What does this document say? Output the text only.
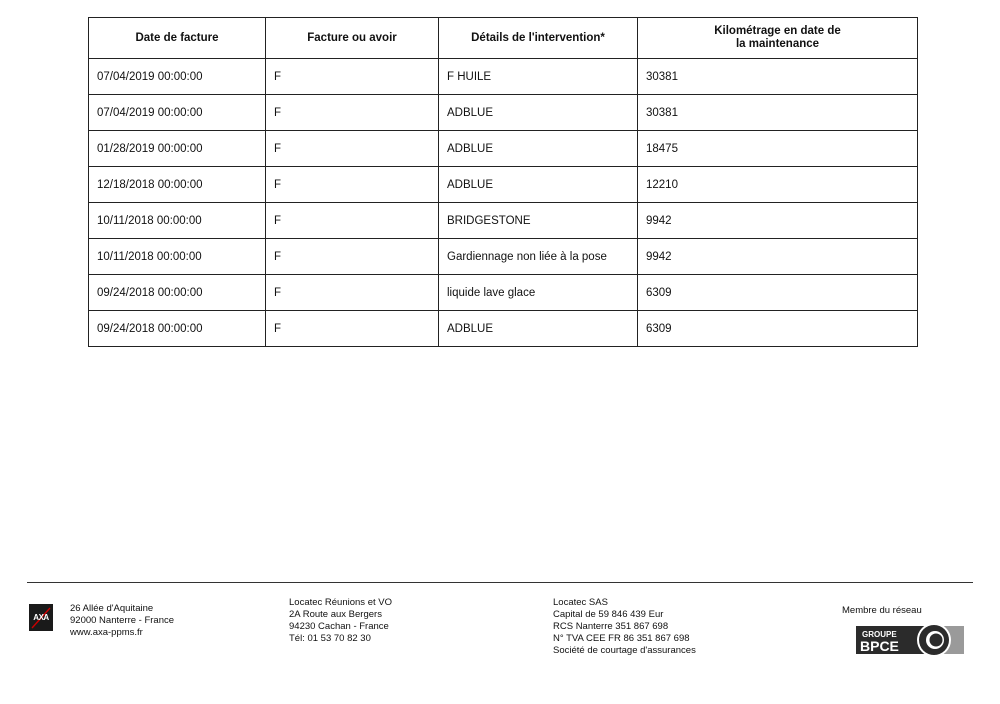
Date de facture	Facture ou avoir	Détails de l'intervention*	Kilométrage en date de la maintenance
07/04/2019 00:00:00	F	F HUILE	30381
07/04/2019 00:00:00	F	ADBLUE	30381
01/28/2019 00:00:00	F	ADBLUE	18475
12/18/2018 00:00:00	F	ADBLUE	12210
10/11/2018 00:00:00	F	BRIDGESTONE	9942
10/11/2018 00:00:00	F	Gardiennage non liée à la pose	9942
09/24/2018 00:00:00	F	liquide lave glace	6309
09/24/2018 00:00:00	F	ADBLUE	6309
AXA
26 Allée d'Aquitaine
92000 Nanterre - France
www.axa-ppms.fr
Locatec Réunions et VO
2A Route aux Bergers
94230 Cachan - France
Tél: 01 53 70 82 30
Locatec SAS
Capital de 59 846 439 Eur
RCS Nanterre 351 867 698
N° TVA CEE FR 86 351 867 698
Société de courtage d'assurances
Membre du réseau
GROUPE
BPCE
